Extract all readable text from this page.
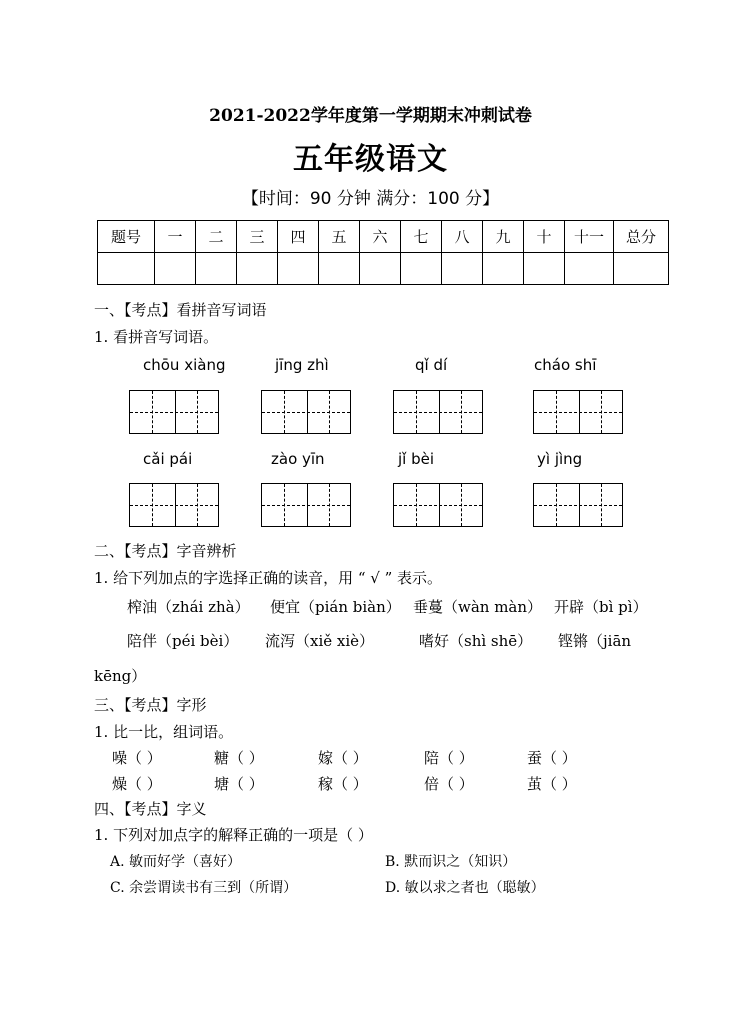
2021-2022学年度第一学期期末冲刺试卷
五年级语文
【时间：90 分钟 满分：100 分】
题号	一	二	三	四	五	六	七	八	九	十	十一	总分

一、【考点】看拼音写词语
1. 看拼音写词语。
chōu xiàng	jīng zhì	qǐ dí	cháo shī
cǎi pái	zào yīn	jǐ bèi	yì jìng
二、【考点】字音辨析
1. 给下列加点的字选择正确的读音，用 “ √ ” 表示。
榨油（zhái zhà） 便宜（pián biàn） 垂蔓（wàn màn） 开辟（bì pì）
陪伴（péi bèi） 流泻（xiě xiè）	嗜好（shì shē） 铿锵（jiān
kēng）
三、【考点】字形
1. 比一比，组词语。
噪（ ）	糖（ ）	嫁（ ）	陪（ ）	蚕（ ）
燥（ ）	塘（ ）	稼（ ）	倍（ ）	茧（ ）
四、【考点】字义
1. 下列对加点字的解释正确的一项是（ ）
A. 敏而好学（喜好）	B. 默而识之（知识）
C. 余尝谓读书有三到（所谓）	D. 敏以求之者也（聪敏）
